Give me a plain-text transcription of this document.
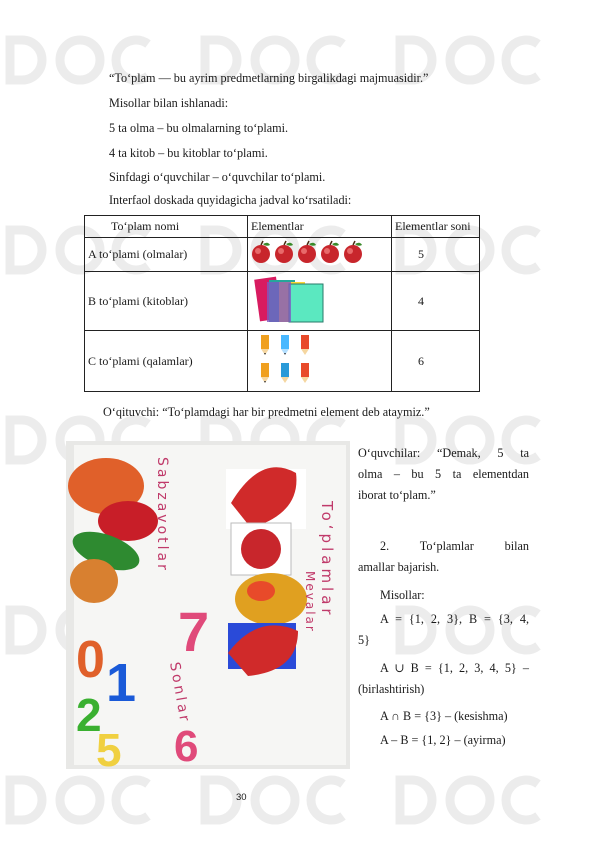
“To‘plam — bu ayrim predmetlarning birgalikdagi majmuasidir.”
Misollar bilan ishlanadi:
5 ta olma – bu olmalarning to‘plami.
4 ta kitob – bu kitoblar to‘plami.
Sinfdagi o‘quvchilar – o‘quvchilar to‘plami.
Interfaol doskada quyidagicha jadval ko‘rsatiladi:
To‘plam nomi	Elementlar	Elementlar soni
A to‘plami (olmalar)		5
B to‘plami (kitoblar)		4
C to‘plami (qalamlar)		6
O‘qituvchi: “To‘plamdagi har bir predmetni element deb ataymiz.”
7
0 1
2
5 6
Sabzavotlar	To‘plamlar
Mevalar
Sonlar
O‘quvchilar: “Demak, 5 ta
olma – bu 5 ta elementdan
iborat to‘plam.”
2. To‘plamlar bilan
amallar bajarish.
Misollar:
A = {1, 2, 3}, B = {3, 4,
5}
A ∪ B = {1, 2, 3, 4, 5} –
(birlashtirish)
A ∩ B = {3} – (kesishma)
A – B = {1, 2} – (ayirma)
30
